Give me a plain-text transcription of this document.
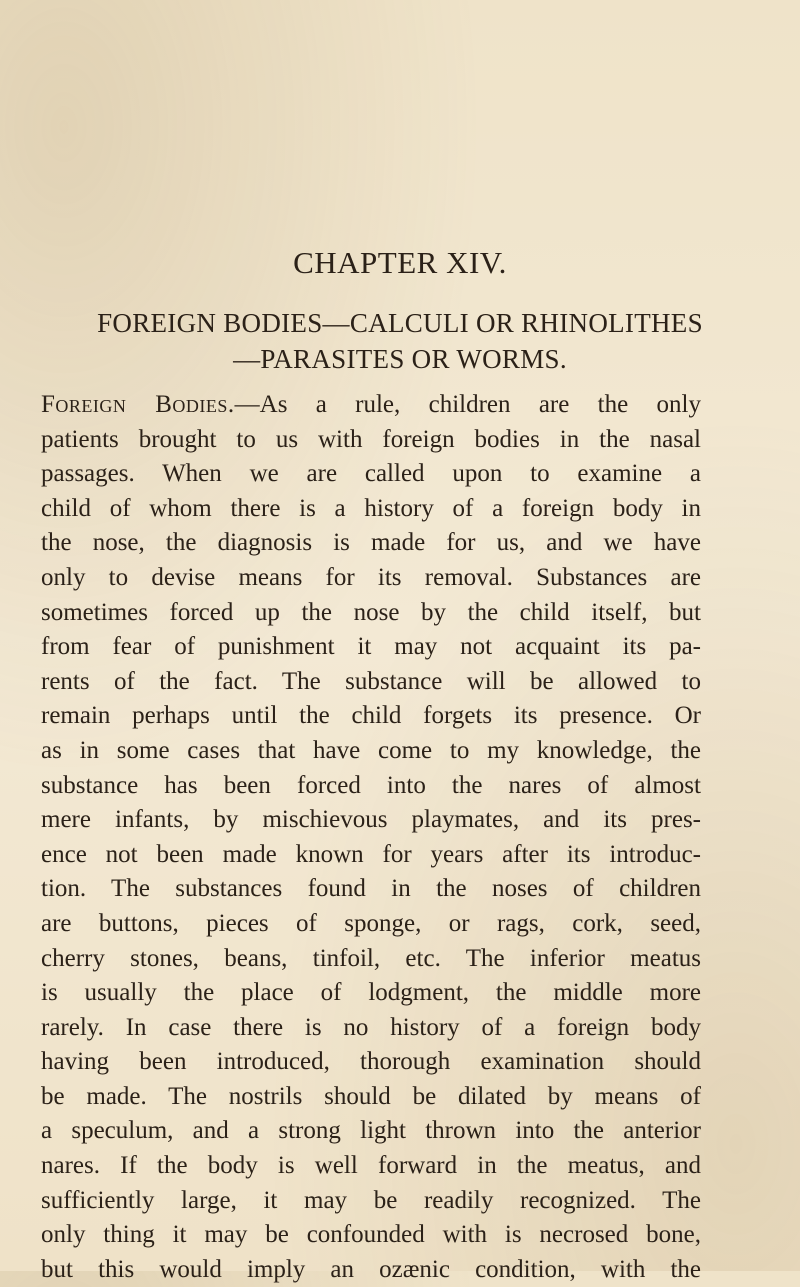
CHAPTER XIV.
FOREIGN BODIES—CALCULI OR RHINOLITHES
—PARASITES OR WORMS.
Foreign Bodies.—As a rule, children are the only
patients brought to us with foreign bodies in the nasal
passages. When we are called upon to examine a
child of whom there is a history of a foreign body in
the nose, the diagnosis is made for us, and we have
only to devise means for its removal. Substances are
sometimes forced up the nose by the child itself, but
from fear of punishment it may not acquaint its pa-
rents of the fact. The substance will be allowed to
remain perhaps until the child forgets its presence. Or
as in some cases that have come to my knowledge, the
substance has been forced into the nares of almost
mere infants, by mischievous playmates, and its pres-
ence not been made known for years after its introduc-
tion. The substances found in the noses of children
are buttons, pieces of sponge, or rags, cork, seed,
cherry stones, beans, tinfoil, etc. The inferior meatus
is usually the place of lodgment, the middle more
rarely. In case there is no history of a foreign body
having been introduced, thorough examination should
be made. The nostrils should be dilated by means of
a speculum, and a strong light thrown into the anterior
nares. If the body is well forward in the meatus, and
sufficiently large, it may be readily recognized. The
only thing it may be confounded with is necrosed bone,
but this would imply an ozænic condition, with the
